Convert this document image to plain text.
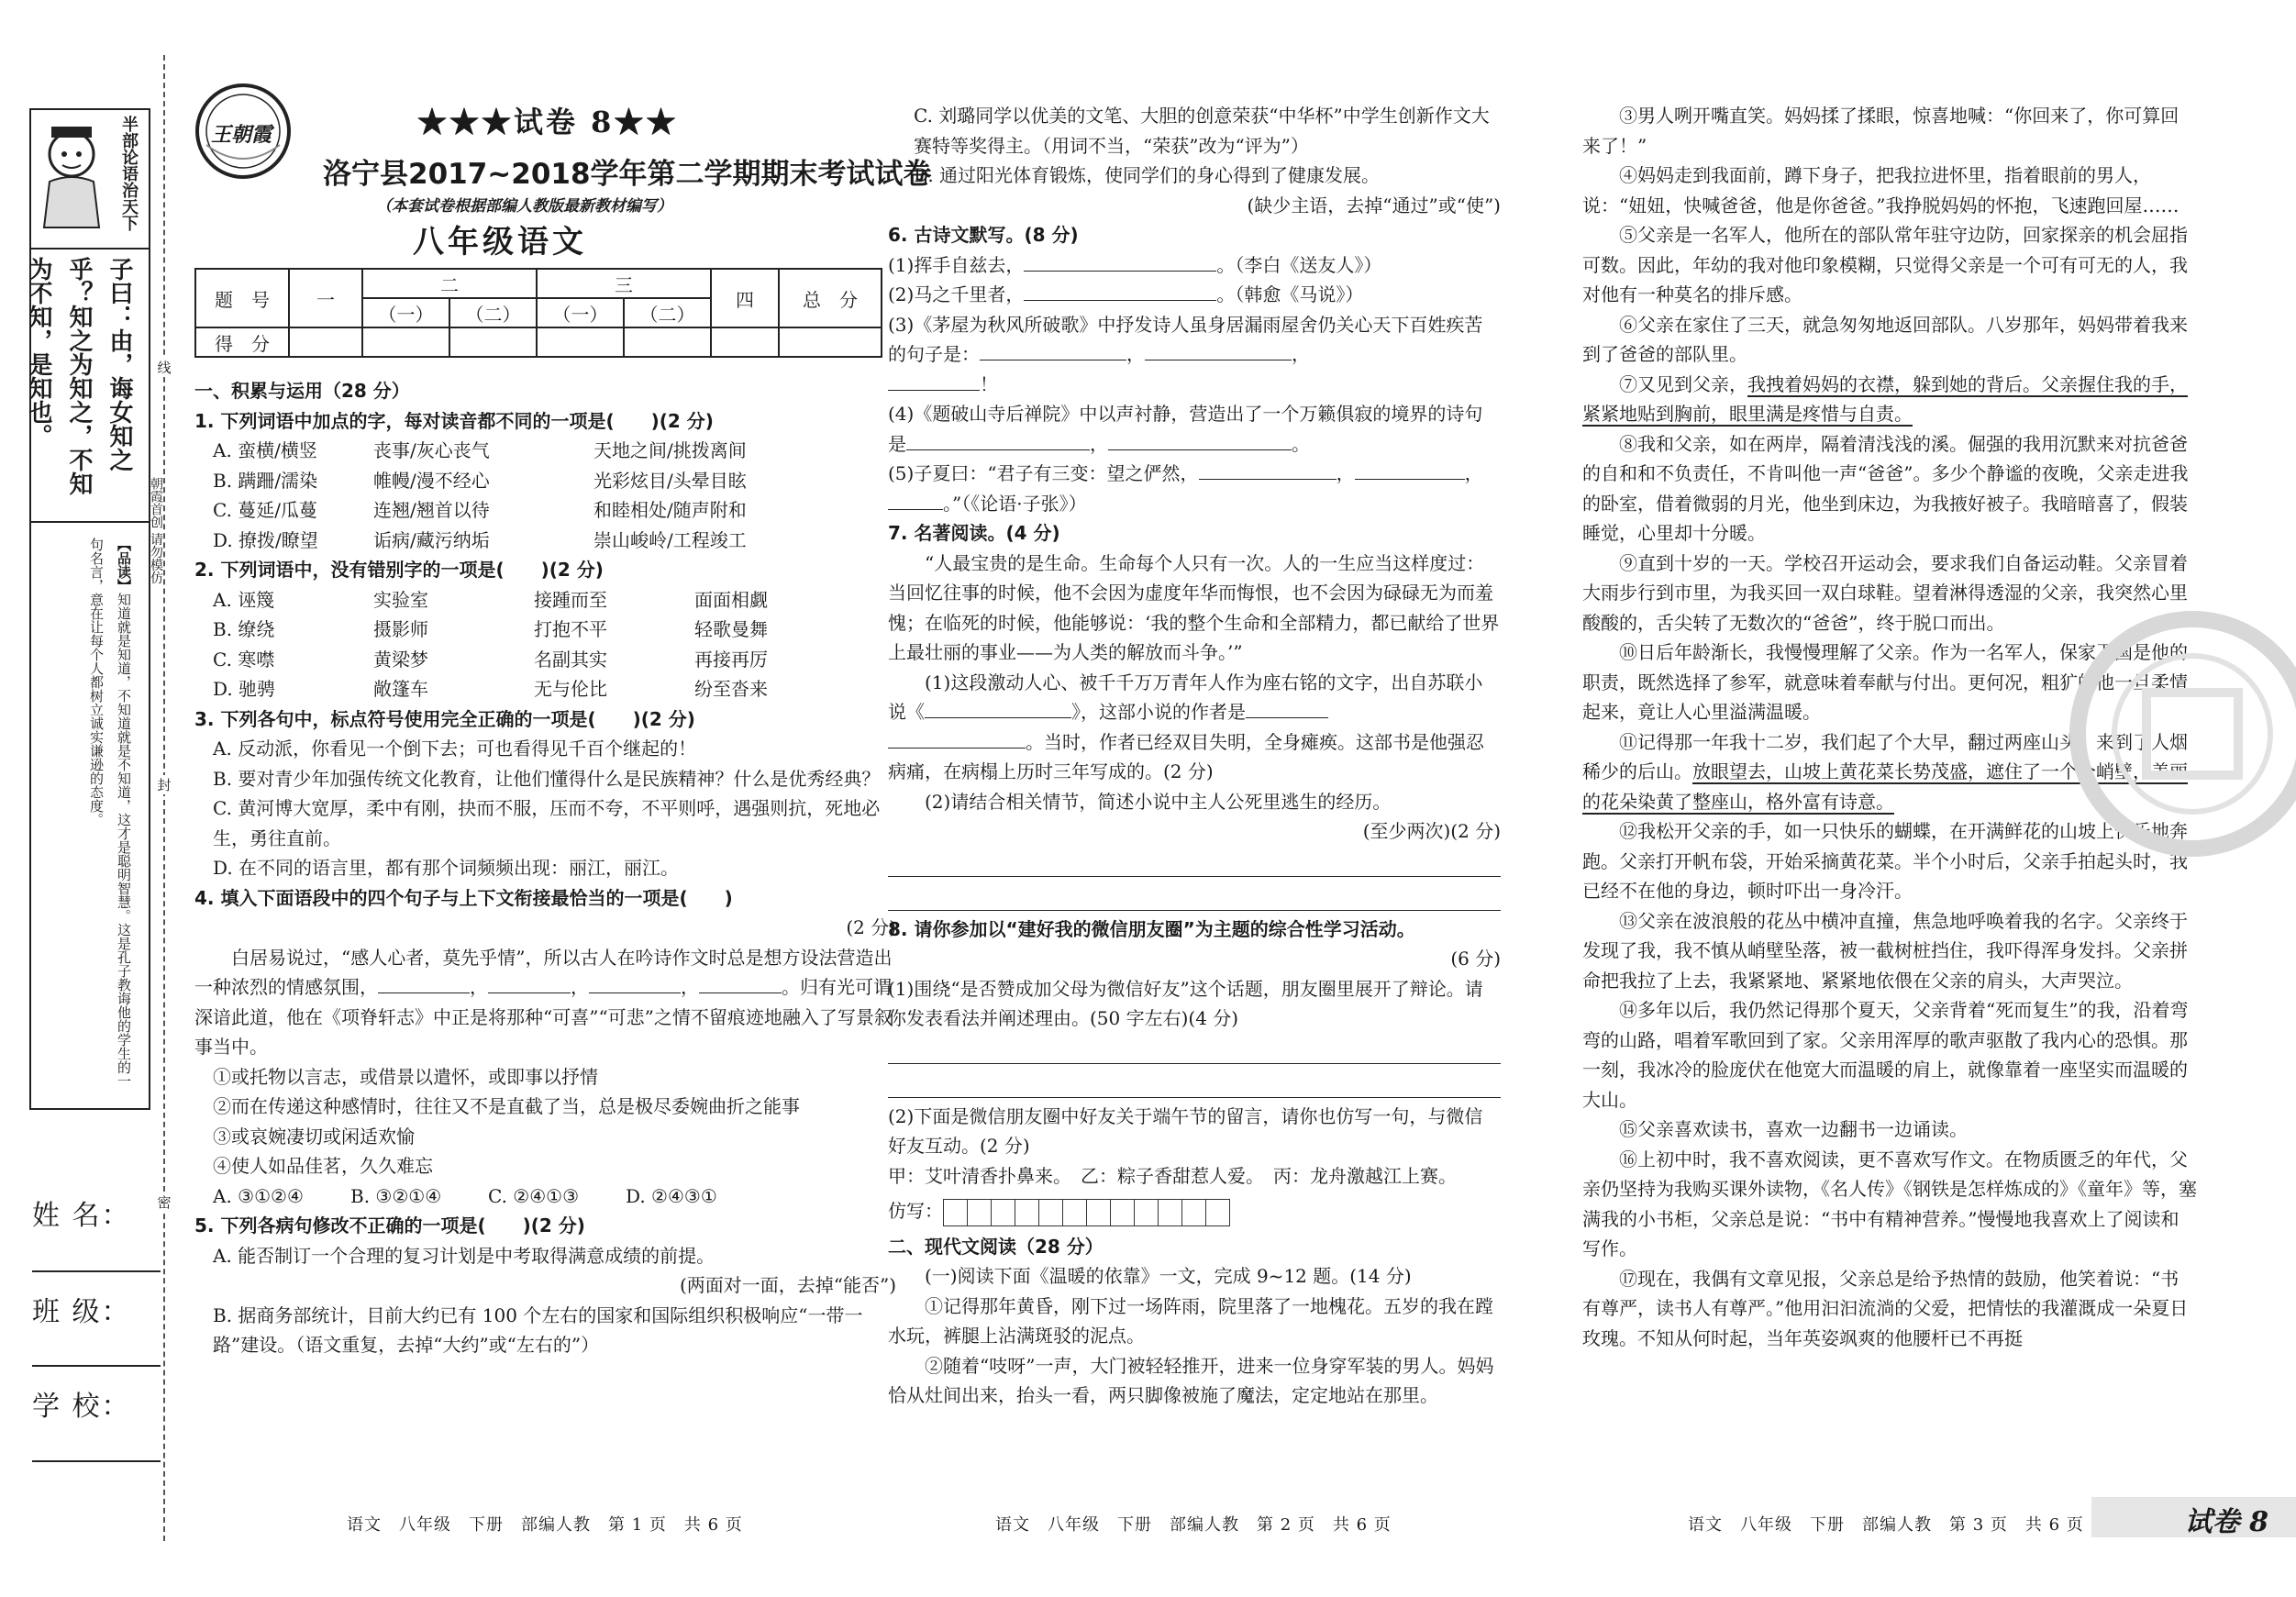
半部论语治天下
子曰：由，诲女知之乎？知之为知之，不知为不知，是知也。
【品读】知道就是知道，不知道就是不知道，这才是聪明智慧。这是孔子教诲他的学生的一句名言，意在让每个人都树立诚实谦逊的态度。
朝霞首创 请勿模仿
线
封
密
姓 名：
班 级：
学 校：
王朝霞	★★★试卷 8★★
洛宁县2017~2018学年第二学期期末考试试卷
（本套试卷根据部编人教版最新教材编写）
八年级语文
题　号	一	二		三		四	总　分
		（一）	（二）	（一）	（二）		
得　分							

一、积累与运用（28 分）

1. 下列词语中加点的字，每对读音都不同的一项是(　　)(2 分)

A. 蛮横/横竖	丧事/灰心丧气	天地之间/挑拨离间
B. 蹒跚/濡染	帷幔/漫不经心	光彩炫目/头晕目眩
C. 蔓延/瓜蔓	连翘/翘首以待	和睦相处/随声附和
D. 撩拨/瞭望	诟病/藏污纳垢	崇山峻岭/工程竣工

2. 下列词语中，没有错别字的一项是(　　)(2 分)

A. 诬篾	实验室	接踵而至	面面相觑
B. 缭绕	摄影师	打抱不平	轻歌曼舞
C. 寒噤	黄梁梦	名副其实	再接再厉
D. 驰骋	敞篷车	无与伦比	纷至沓来

3. 下列各句中，标点符号使用完全正确的一项是(　　)(2 分)

A. 反动派，你看见一个倒下去；可也看得见千百个继起的！

B. 要对青少年加强传统文化教育，让他们懂得什么是民族精神？什么是优秀经典？

C. 黄河博大宽厚，柔中有刚，抉而不服，压而不夸，不平则呼，遇强则抗，死地必生，勇往直前。

D. 在不同的语言里，都有那个词频频出现：丽江，丽江。

4. 填入下面语段中的四个句子与上下文衔接最恰当的一项是(　　)

(2 分)

白居易说过，“感人心者，莫先乎情”，所以古人在吟诗作文时总是想方设法营造出一种浓烈的情感氛围，	，	，	，	。归有光可谓深谙此道，他在《项脊轩志》中正是将那种“可喜”“可悲”之情不留痕迹地融入了写景叙事当中。

①或托物以言志，或借景以遣怀，或即事以抒情

②而在传递这种感情时，往往又不是直截了当，总是极尽委婉曲折之能事

③或哀婉凄切或闲适欢愉

④使人如品佳茗，久久难忘

A. ③①②④	B. ③②①④	C. ②④①③	D. ②④③①

5. 下列各病句修改不正确的一项是(　　)(2 分)

A. 能否制订一个合理的复习计划是中考取得满意成绩的前提。

(两面对一面，去掉“能否”)

B. 据商务部统计，目前大约已有 100 个左右的国家和国际组织积极响应“一带一路”建设。（语文重复，去掉“大约”或“左右的”）

C. 刘璐同学以优美的文笔、大胆的创意荣获“中华杯”中学生创新作文大赛特等奖得主。（用词不当，“荣获”改为“评为”）

D. 通过阳光体育锻炼，使同学们的身心得到了健康发展。

(缺少主语，去掉“通过”或“使”)

6. 古诗文默写。(8 分)

(1)挥手自兹去，	。（李白《送友人》）

(2)马之千里者，	。（韩愈《马说》）

(3)《茅屋为秋风所破歌》中抒发诗人虽身居漏雨屋舍仍关心天下百姓疾苦的句子是：	，	，
！

(4)《题破山寺后禅院》中以声衬静，营造出了一个万籁俱寂的境界的诗句是	，	。

(5)子夏曰：“君子有三变：望之俨然，	，	，
。”（《论语·子张》）

7. 名著阅读。(4 分)

“人最宝贵的是生命。生命每个人只有一次。人的一生应当这样度过：当回忆往事的时候，他不会因为虚度年华而悔恨，也不会因为碌碌无为而羞愧；在临死的时候，他能够说：‘我的整个生命和全部精力，都已献给了世界上最壮丽的事业——为人类的解放而斗争。’”

(1)这段激动人心、被千千万万青年人作为座右铭的文字，出自苏联小说《	》，这部小说的作者是
。当时，作者已经双目失明，全身瘫痪。这部书是他强忍病痛，在病榻上历时三年写成的。(2 分)

(2)请结合相关情节，简述小说中主人公死里逃生的经历。

(至少两次)(2 分)

8. 请你参加以“建好我的微信朋友圈”为主题的综合性学习活动。

(6 分)

(1)围绕“是否赞成加父母为微信好友”这个话题，朋友圈里展开了辩论。请你发表看法并阐述理由。(50 字左右)(4 分)

(2)下面是微信朋友圈中好友关于端午节的留言，请你也仿写一句，与微信好友互动。(2 分)

甲：艾叶清香扑鼻来。　 乙：粽子香甜惹人爱。　 丙：龙舟激越江上赛。

仿写：

二、现代文阅读（28 分）

(一)阅读下面《温暖的依靠》一文，完成 9~12 题。(14 分)

①记得那年黄昏，刚下过一场阵雨，院里落了一地槐花。五岁的我在蹚水玩，裤腿上沾满斑驳的泥点。

②随着“吱呀”一声，大门被轻轻推开，进来一位身穿军装的男人。妈妈恰从灶间出来，抬头一看，两只脚像被施了魔法，定定地站在那里。

③男人咧开嘴直笑。妈妈揉了揉眼，惊喜地喊：“你回来了，你可算回来了！”

④妈妈走到我面前，蹲下身子，把我拉进怀里，指着眼前的男人，说：“妞妞，快喊爸爸，他是你爸爸。”我挣脱妈妈的怀抱，飞速跑回屋……

⑤父亲是一名军人，他所在的部队常年驻守边防，回家探亲的机会屈指可数。因此，年幼的我对他印象模糊，只觉得父亲是一个可有可无的人，我对他有一种莫名的排斥感。

⑥父亲在家住了三天，就急匆匆地返回部队。八岁那年，妈妈带着我来到了爸爸的部队里。

⑦又见到父亲，我拽着妈妈的衣襟，躲到她的背后。父亲握住我的手，紧紧地贴到胸前，眼里满是疼惜与自责。

⑧我和父亲，如在两岸，隔着清浅浅的溪。倔强的我用沉默来对抗爸爸的自和和不负责任，不肯叫他一声“爸爸”。多少个静谧的夜晚，父亲走进我的卧室，借着微弱的月光，他坐到床边，为我掖好被子。我暗暗喜了，假装睡觉，心里却十分暖。

⑨直到十岁的一天。学校召开运动会，要求我们自备运动鞋。父亲冒着大雨步行到市里，为我买回一双白球鞋。望着淋得透湿的父亲，我突然心里酸酸的，舌尖转了无数次的“爸爸”，终于脱口而出。

⑩日后年龄渐长，我慢慢理解了父亲。作为一名军人，保家卫国是他的职责，既然选择了参军，就意味着奉献与付出。更何况，粗犷的他一旦柔情起来，竟让人心里溢满温暖。

⑪记得那一年我十二岁，我们起了个大早，翻过两座山头，来到了人烟稀少的后山。放眼望去，山坡上黄花菜长势茂盛，遮住了一个个峭壁，美丽的花朵染黄了整座山，格外富有诗意。

⑫我松开父亲的手，如一只快乐的蝴蝶，在开满鲜花的山坡上快乐地奔跑。父亲打开帆布袋，开始采摘黄花菜。半个小时后，父亲手拍起头时，我已经不在他的身边，顿时吓出一身冷汗。

⑬父亲在波浪般的花丛中横冲直撞，焦急地呼唤着我的名字。父亲终于发现了我，我不慎从峭壁坠落，被一截树桩挡住，我吓得浑身发抖。父亲拼命把我拉了上去，我紧紧地、紧紧地依偎在父亲的肩头，大声哭泣。

⑭多年以后，我仍然记得那个夏天，父亲背着“死而复生”的我，沿着弯弯的山路，唱着军歌回到了家。父亲用浑厚的歌声驱散了我内心的恐惧。那一刻，我冰冷的脸庞伏在他宽大而温暖的肩上，就像靠着一座坚实而温暖的大山。

⑮父亲喜欢读书，喜欢一边翻书一边诵读。

⑯上初中时，我不喜欢阅读，更不喜欢写作文。在物质匮乏的年代，父亲仍坚持为我购买课外读物，《名人传》《钢铁是怎样炼成的》《童年》等，塞满我的小书柜，父亲总是说：“书中有精神营养。”慢慢地我喜欢上了阅读和写作。

⑰现在，我偶有文章见报，父亲总是给予热情的鼓励，他笑着说：“书有尊严，读书人有尊严。”他用汩汩流淌的父爱，把情怯的我灌溉成一朵夏日玫瑰。不知从何时起，当年英姿飒爽的他腰杆已不再挺

语文　八年级　下册　部编人教　第 1 页　共 6 页	语文　八年级　下册　部编人教　第 2 页　共 6 页	语文　八年级　下册　部编人教　第 3 页　共 6 页	试卷 8
